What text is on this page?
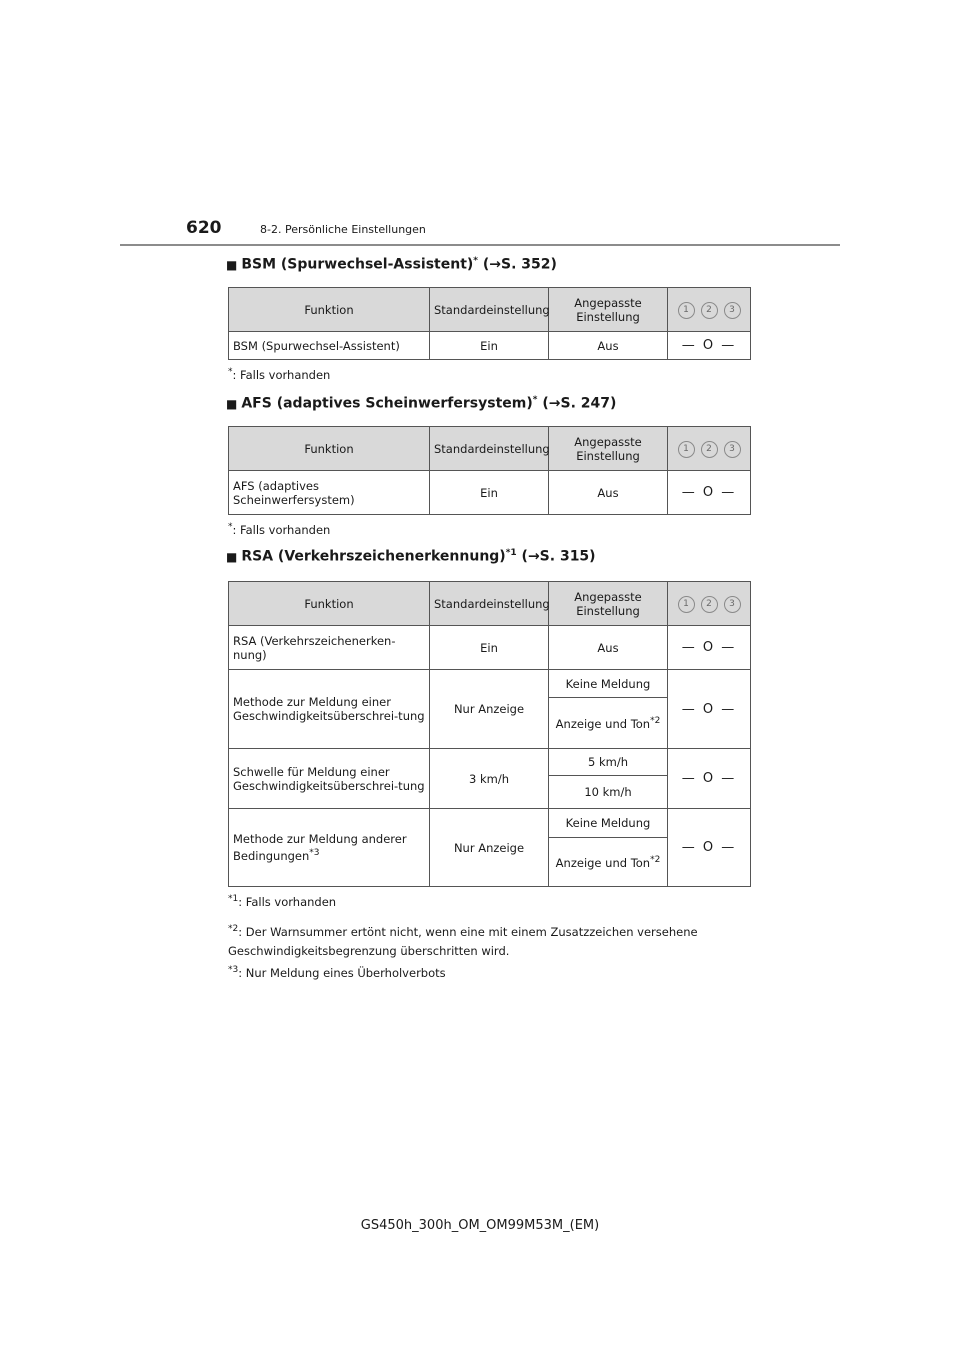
620	8-2. Persönliche Einstellungen
■ BSM (Spurwechsel-Assistent)* (→S. 352)
Funktion	Standardeinstellung	Angepasste Einstellung	1 2 3
BSM (Spurwechsel-Assistent)	Ein	Aus	— O —
*: Falls vorhanden
■ AFS (adaptives Scheinwerfersystem)* (→S. 247)
Funktion	Standardeinstellung	Angepasste Einstellung	1 2 3
AFS (adaptives Scheinwerfersystem)	Ein	Aus	— O —
*: Falls vorhanden
■ RSA (Verkehrszeichenerkennung)$^{*1}$ (→S. 315)
Funktion	Standardeinstellung	Angepasste Einstellung	1 2 3
RSA (Verkehrszeichenerken-nung)	Ein	Aus	— O —
Methode zur Meldung einer Geschwindigkeitsüberschrei-tung	Nur Anzeige	Keine Meldung	— O —
		Anzeige und Ton$^{*2}$
Schwelle für Meldung einer Geschwindigkeitsüberschrei-tung	3 km/h	5 km/h	— O —
		10 km/h	
Methode zur Meldung anderer Bedingungen$^{*3}$	Nur Anzeige	Keine Meldung	— O —
		Anzeige und Ton$^{*2}$
$^{*1}$: Falls vorhanden
$^{*2}$: Der Warnsummer ertönt nicht, wenn eine mit einem Zusatzzeichen versehene Geschwindigkeitsbegrenzung überschritten wird.
$^{*3}$: Nur Meldung eines Überholverbots
GS450h_300h_OM_OM99M53M_(EM)
